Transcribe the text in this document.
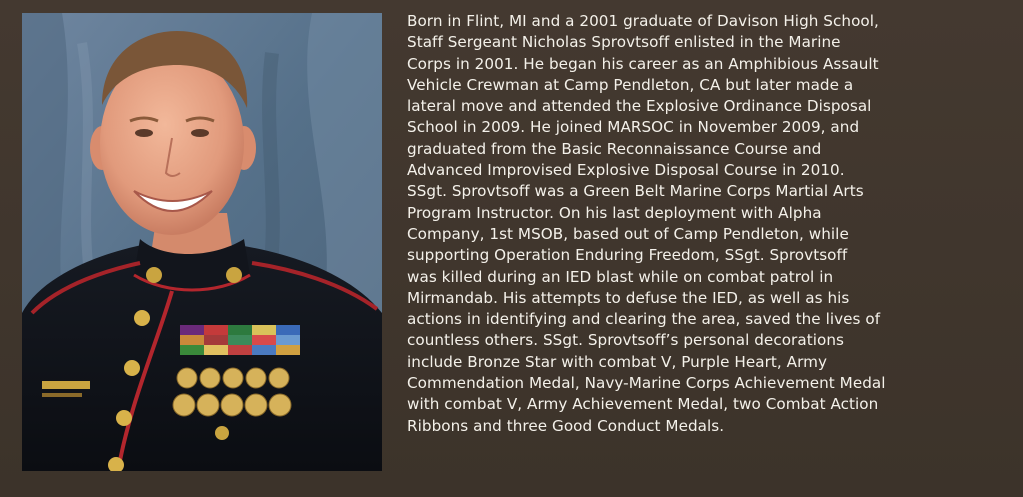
Born in Flint, MI and a 2001 graduate of Davison High School,
Staff Sergeant Nicholas Sprovtsoff enlisted in the Marine
Corps in 2001. He began his career as an Amphibious Assault
Vehicle Crewman at Camp Pendleton, CA but later made a
lateral move and attended the Explosive Ordinance Disposal
School in 2009. He joined MARSOC in November 2009, and
graduated from the Basic Reconnaissance Course and
Advanced Improvised Explosive Disposal Course in 2010.
SSgt. Sprovtsoff was a Green Belt Marine Corps Martial Arts
Program Instructor. On his last deployment with Alpha
Company, 1st MSOB, based out of Camp Pendleton, while
supporting Operation Enduring Freedom, SSgt. Sprovtsoff
was killed during an IED blast while on combat patrol in
Mirmandab. His attempts to defuse the IED, as well as his
actions in identifying and clearing the area, saved the lives of
countless others. SSgt. Sprovtsoff’s personal decorations
include Bronze Star with combat V, Purple Heart, Army
Commendation Medal, Navy-Marine Corps Achievement Medal
with combat V, Army Achievement Medal, two Combat Action
Ribbons and three Good Conduct Medals.
